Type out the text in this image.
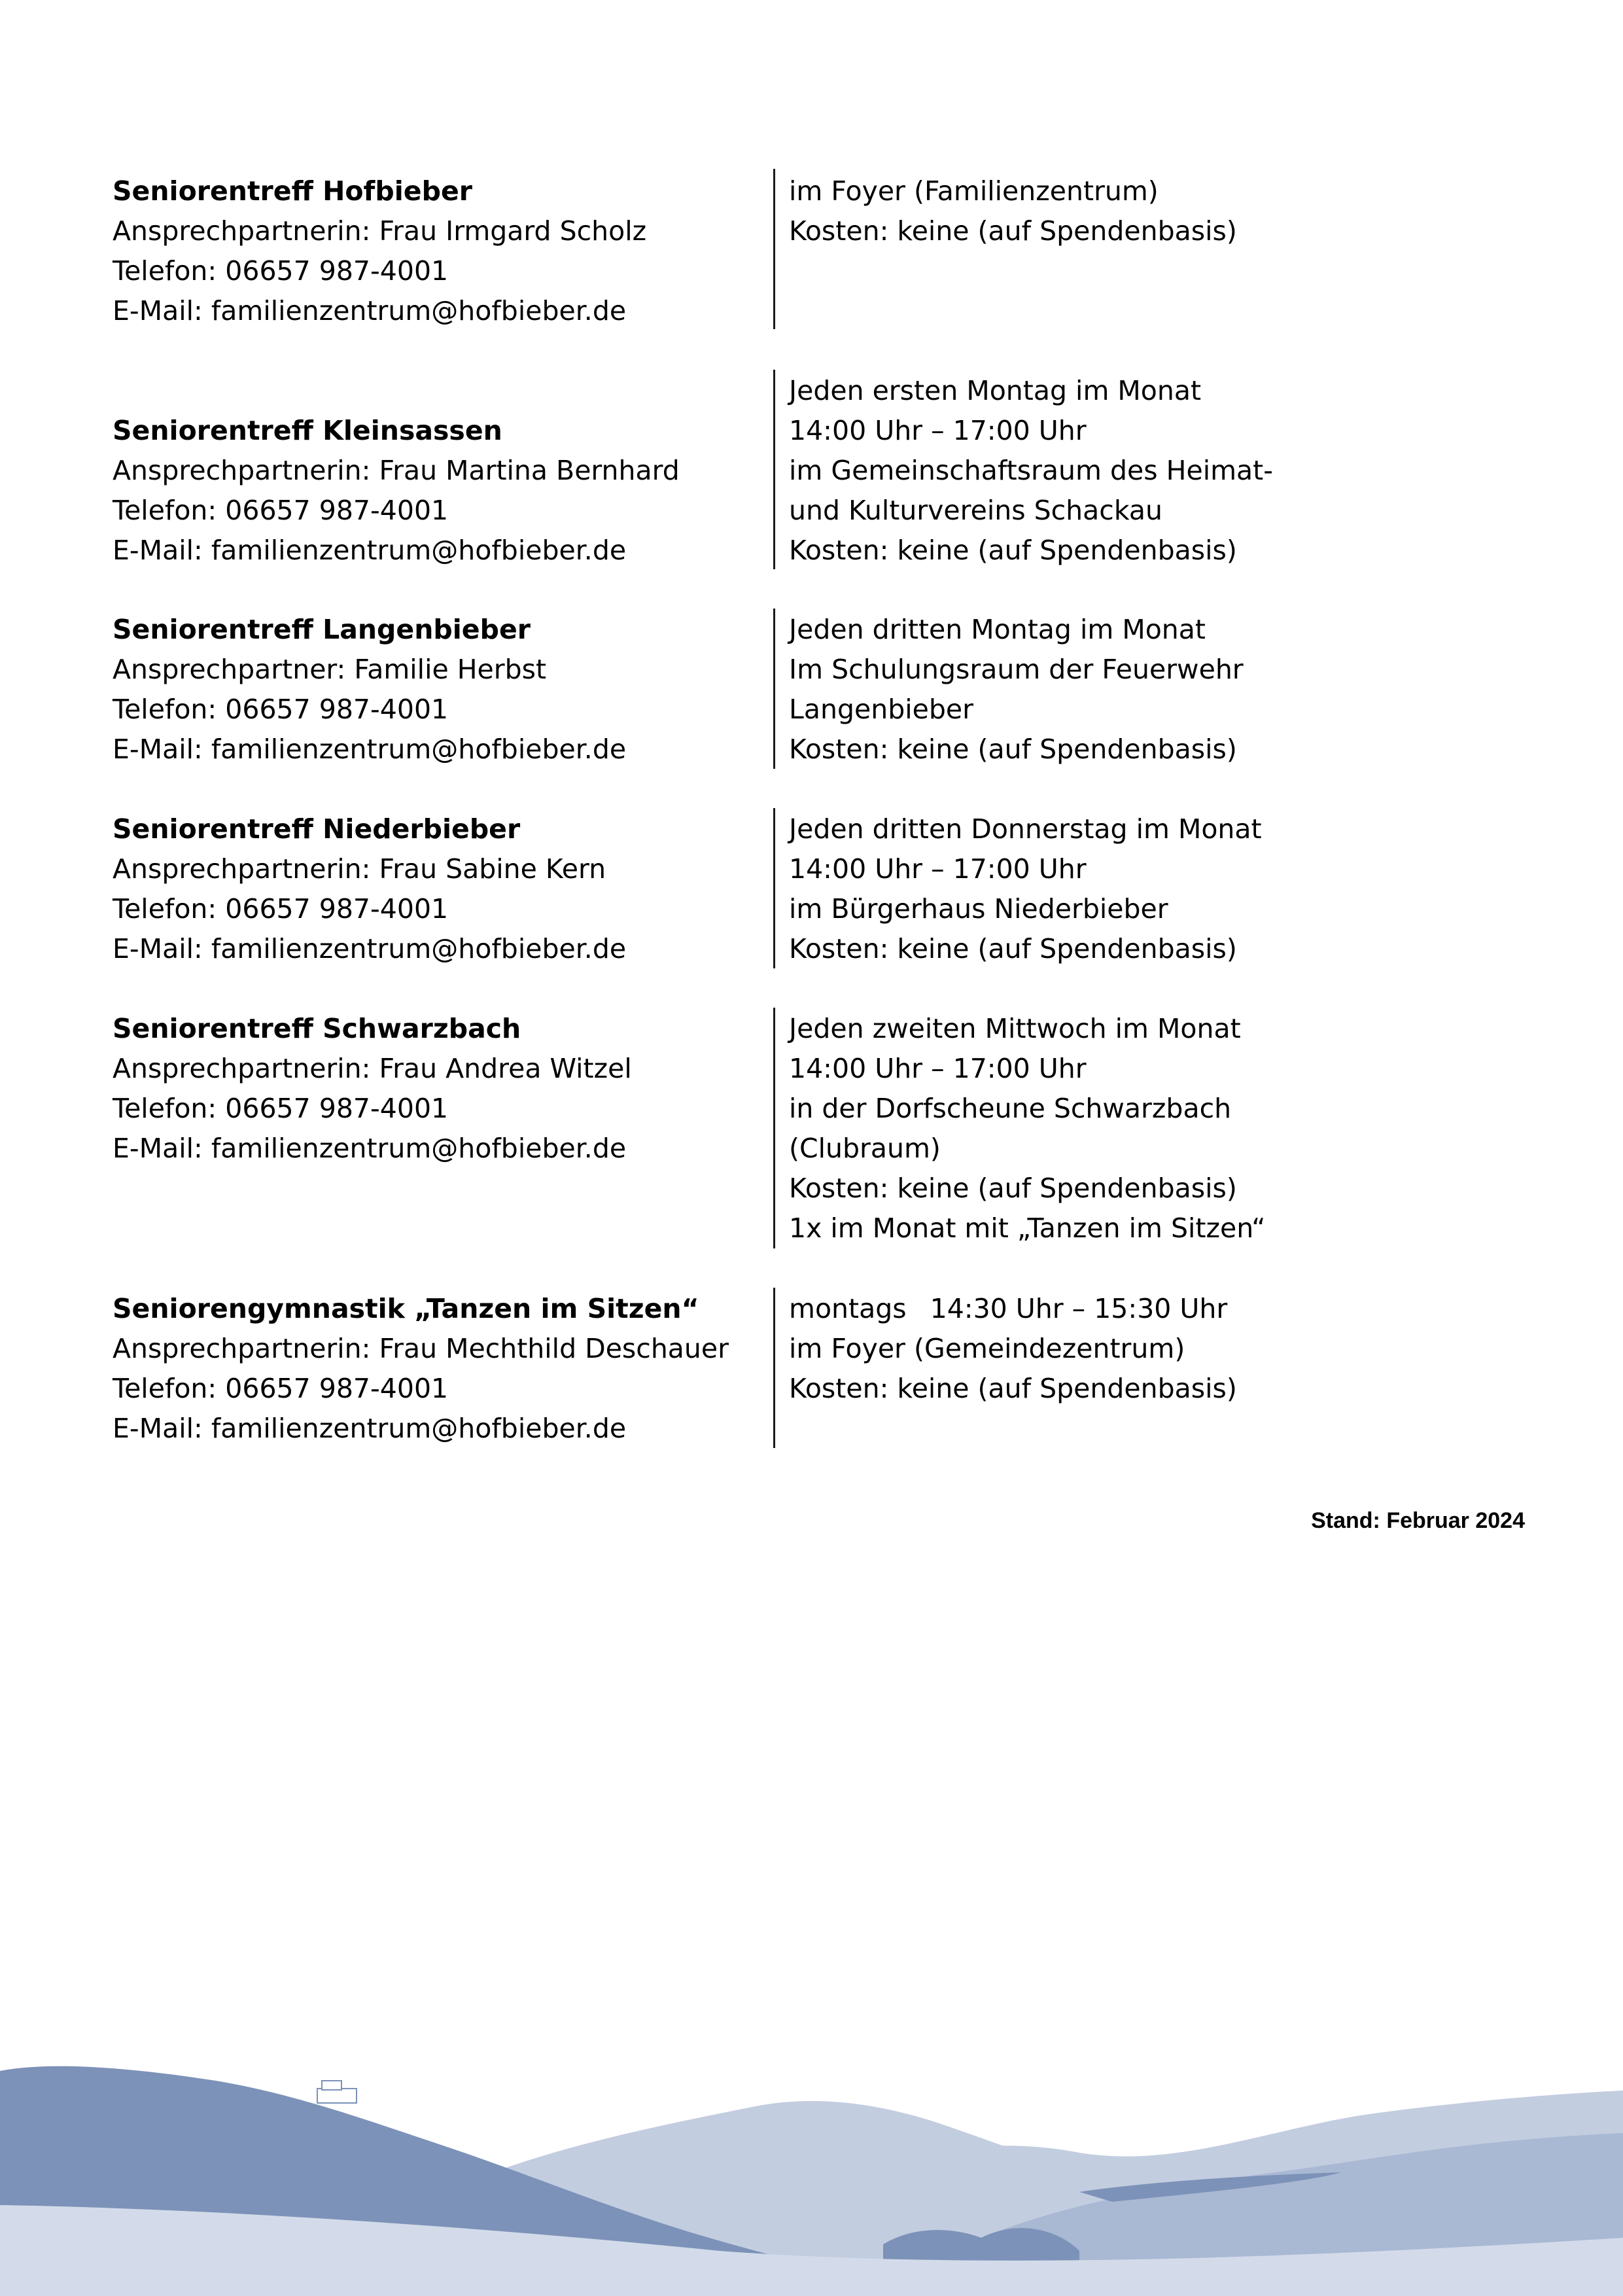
Seniorentreff Hofbieber
Ansprechpartnerin: Frau Irmgard Scholz
Telefon: 06657 987-4001
E-Mail: familienzentrum@hofbieber.de
im Foyer (Familienzentrum)
Kosten: keine (auf Spendenbasis)
Seniorentreff Kleinsassen
Ansprechpartnerin: Frau Martina Bernhard
Telefon: 06657 987-4001
E-Mail: familienzentrum@hofbieber.de
Jeden ersten Montag im Monat
14:00 Uhr – 17:00 Uhr
im Gemeinschaftsraum des Heimat-
und Kulturvereins Schackau
Kosten: keine (auf Spendenbasis)
Seniorentreff Langenbieber
Ansprechpartner: Familie Herbst
Telefon: 06657 987-4001
E-Mail: familienzentrum@hofbieber.de
Jeden dritten Montag im Monat
Im Schulungsraum der Feuerwehr
Langenbieber
Kosten: keine (auf Spendenbasis)
Seniorentreff Niederbieber
Ansprechpartnerin: Frau Sabine Kern
Telefon: 06657 987-4001
E-Mail: familienzentrum@hofbieber.de
Jeden dritten Donnerstag im Monat
14:00 Uhr – 17:00 Uhr
im Bürgerhaus Niederbieber
Kosten: keine (auf Spendenbasis)
Seniorentreff Schwarzbach
Ansprechpartnerin: Frau Andrea Witzel
Telefon: 06657 987-4001
E-Mail: familienzentrum@hofbieber.de
Jeden zweiten Mittwoch im Monat
14:00 Uhr – 17:00 Uhr
in der Dorfscheune Schwarzbach
(Clubraum)
Kosten: keine (auf Spendenbasis)
1x im Monat mit „Tanzen im Sitzen“
Seniorengymnastik „Tanzen im Sitzen“
Ansprechpartnerin: Frau Mechthild Deschauer
Telefon: 06657 987-4001
E-Mail: familienzentrum@hofbieber.de
montags 14:30 Uhr – 15:30 Uhr
im Foyer (Gemeindezentrum)
Kosten: keine (auf Spendenbasis)
Stand: Februar 2024
